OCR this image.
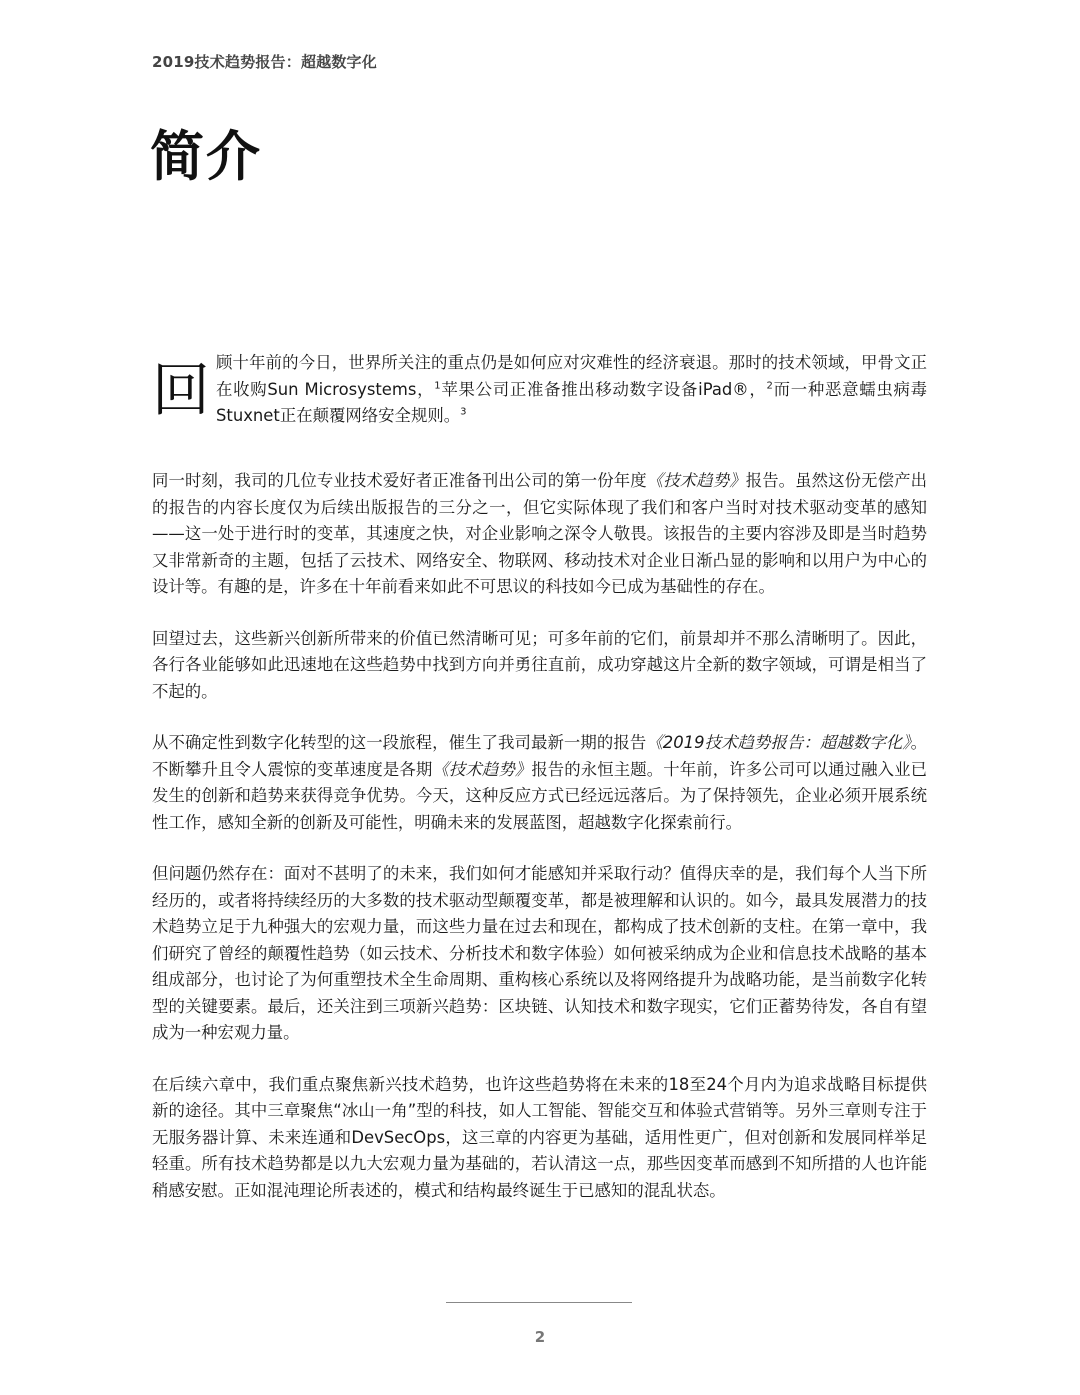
2019技术趋势报告：超越数字化
简介
回 顾十年前的今日，世界所关注的重点仍是如何应对灾难性的经济衰退。那时的技术领域，甲骨文正在收购Sun Microsystems，$^1$苹果公司正准备推出移动数字设备iPad®，$^2$而一种恶意蠕虫病毒Stuxnet正在颠覆网络安全规则。$^3$

同一时刻，我司的几位专业技术爱好者正准备刊出公司的第一份年度《技术趋势》报告。虽然这份无偿产出的报告的内容长度仅为后续出版报告的三分之一，但它实际体现了我们和客户当时对技术驱动变革的感知——这一处于进行时的变革，其速度之快，对企业影响之深令人敬畏。该报告的主要内容涉及即是当时趋势又非常新奇的主题，包括了云技术、网络安全、物联网、移动技术对企业日渐凸显的影响和以用户为中心的设计等。有趣的是，许多在十年前看来如此不可思议的科技如今已成为基础性的存在。

回望过去，这些新兴创新所带来的价值已然清晰可见；可多年前的它们，前景却并不那么清晰明了。因此，各行各业能够如此迅速地在这些趋势中找到方向并勇往直前，成功穿越这片全新的数字领域，可谓是相当了不起的。

从不确定性到数字化转型的这一段旅程，催生了我司最新一期的报告《2019技术趋势报告：超越数字化》。不断攀升且令人震惊的变革速度是各期《技术趋势》报告的永恒主题。十年前，许多公司可以通过融入业已发生的创新和趋势来获得竞争优势。今天，这种反应方式已经远远落后。为了保持领先，企业必须开展系统性工作，感知全新的创新及可能性，明确未来的发展蓝图，超越数字化探索前行。

但问题仍然存在：面对不甚明了的未来，我们如何才能感知并采取行动？值得庆幸的是，我们每个人当下所经历的，或者将持续经历的大多数的技术驱动型颠覆变革，都是被理解和认识的。如今，最具发展潜力的技术趋势立足于九种强大的宏观力量，而这些力量在过去和现在，都构成了技术创新的支柱。在第一章中，我们研究了曾经的颠覆性趋势（如云技术、分析技术和数字体验）如何被采纳成为企业和信息技术战略的基本组成部分，也讨论了为何重塑技术全生命周期、重构核心系统以及将网络提升为战略功能，是当前数字化转型的关键要素。最后，还关注到三项新兴趋势：区块链、认知技术和数字现实，它们正蓄势待发，各自有望成为一种宏观力量。

在后续六章中，我们重点聚焦新兴技术趋势，也许这些趋势将在未来的18至24个月内为追求战略目标提供新的途径。其中三章聚焦“冰山一角”型的科技，如人工智能、智能交互和体验式营销等。另外三章则专注于无服务器计算、未来连通和DevSecOps，这三章的内容更为基础，适用性更广，但对创新和发展同样举足轻重。所有技术趋势都是以九大宏观力量为基础的，若认清这一点，那些因变革而感到不知所措的人也许能稍感安慰。正如混沌理论所表述的，模式和结构最终诞生于已感知的混乱状态。

2
